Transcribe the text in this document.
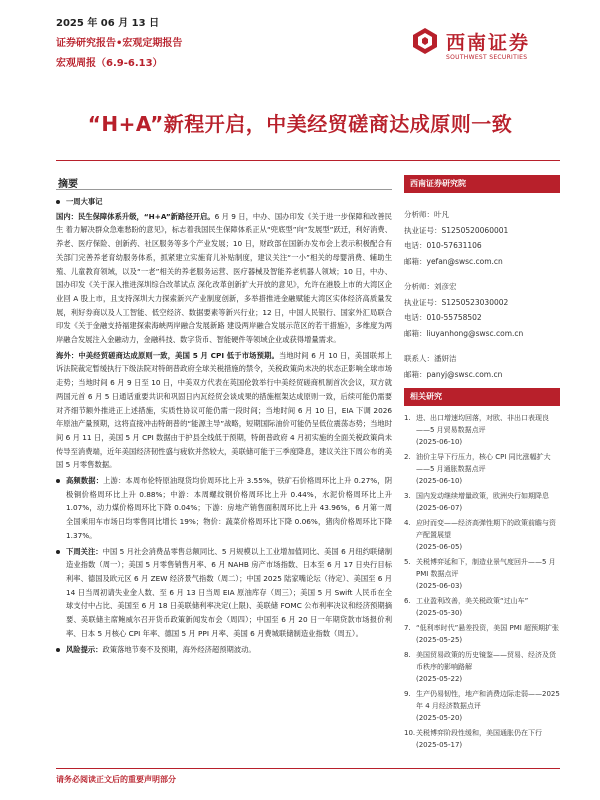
2025 年 06 月 13 日
证券研究报告•宏观定期报告
宏观周报（6.9-6.13）
西南证券
SOUTHWEST SECURITIES
“H+A”新程开启，中美经贸磋商达成原则一致
摘要
一周大事记

国内：民生保障体系升级，“H+A”新路径开启。6 月 9 日，中办、国办印发《关于进一步保障和改善民生 着力解决群众急难愁盼的意见》，标志着我国民生保障体系正从“兜底型”向“发展型”跃迁，利好消费、养老、医疗保险、创新药、社区服务等多个产业发展；10 日，财政部在国新办发布会上表示积极配合有关部门完善养老育幼服务体系，抓紧建立实施育儿补贴制度，建议关注“一小”相关的母婴消费、辅助生殖、儿童教育领域，以及“一老”相关的养老服务运营、医疗器械及智能养老机器人领域；10 日，中办、国办印发《关于深入推进深圳综合改革试点 深化改革创新扩大开放的意见》，允许在港股上市的大湾区企业回 A 股上市，且支持深圳大力探索新兴产业制度创新，多举措推进金融赋能大湾区实体经济高质量发展，利好券商以及人工智能、低空经济、数据要素等新兴行业；12 日，中国人民银行、国家外汇局联合印发《关于金融支持福建探索海峡两岸融合发展新路 建设两岸融合发展示范区的若干措施》，多维度为两岸融合发展注入金融动力，金融科技、数字货币、智能硬件等领域企业或获得增量需求。

海外：中美经贸磋商达成原则一致，美国 5 月 CPI 低于市场预期。当地时间 6 月 10 日，美国联邦上诉法院裁定暂缓执行下级法院对特朗普政府全球关税措施的禁令，关税政策尚未决的状态正影响全球市场走势；当地时间 6 月 9 日至 10 日，中美双方代表在英国伦敦举行中美经贸磋商机制首次会议，双方就两国元首 6 月 5 日通话重要共识和巩固日内瓦经贸会谈成果的措施框架达成原则一致，后续可能仍需要对齐细节额外推进正上述措施，实质性协议可能仍需一段时间；当地时间 6 月 10 日，EIA 下调 2026 年原油产量预期，这将直接冲击特朗普的“能源主导”战略，短期国际油价可能仍呈低位震荡态势；当地时间 6 月 11 日，美国 5 月 CPI 数据由于护县全线低于预期，特朗普政府 4 月初实施的全面关税政策尚未传导至消费端，近年美国经济韧性盛与疲软并然较大，美联储可能于三季度降息，建议关注下周公布的美国 5 月零售数据。

高频数据：上游：本周布伦特原油现货均价周环比上升 3.55%，铁矿石价格周环比上升 0.27%，阴极铜价格周环比上升 0.88%；中游：本周螺纹钢价格周环比上升 0.44%，水泥价格周环比上升 1.07%，动力煤价格周环比下降 0.04%；下游：房地产销售面积周环比上升 43.96%，6 月第一周全国乘用车市场日均零售同比增长 19%；物价：蔬菜价格周环比下降 0.06%，猪肉价格周环比下降 1.37%。

下周关注：中国 5 月社会消费品零售总额同比、5 月规模以上工业增加值同比、美国 6 月纽约联储制造业指数（周一）；美国 5 月零售销售月率、6 月 NAHB 房产市场指数、日本至 6 月 17 日央行目标利率、德国及欧元区 6 月 ZEW 经济景气指数（周二）；中国 2025 陆家嘴论坛（待定）、美国至 6 月 14 日当周初请失业金人数、至 6 月 13 日当周 EIA 原油库存（周三）；美国 5 月 Swift 人民币在全球支付中占比、美国至 6 月 18 日美联储利率决定(上限)、美联储 FOMC 公布利率决议和经济预期摘要、美联储主席鲍威尔召开货币政策新闻发布会（周四）；中国至 6 月 20 日一年期贷款市场报价利率、日本 5 月核心 CPI 年率、德国 5 月 PPI 月率、美国 6 月费城联储制造业指数（周五）。

风险提示：政策落地节奏不及预期，海外经济超预期波动。

西南证券研究院
分析师：叶凡
执业证号：S1250520060001
电话：010-57631106
邮箱：yefan@swsc.com.cn
分析师：刘彦宏
执业证号：S1250523030002
电话：010-55758502
邮箱：liuyanhong@swsc.com.cn
联系人：潘妍洁
邮箱：panyj@swsc.com.cn
相关研究
1. 进、出口增速均回落，对欧、非出口表现良——5 月贸易数据点评
(2025-06-10)
2. 油价主导下行压力，核心 CPI 同比涨幅扩大——5 月通胀数据点评
(2025-06-10)
3. 国内发动继续增量政策，欧洲央行如期降息
(2025-06-07)
4. 应时而变——经济高弹性期下的政策前瞻与资产配置展望
(2025-06-05)
5. 关税博弈延和下，制造业景气度回升——5 月 PMI 数据点评
(2025-06-03)
6. 工业盈利改善，美关税政策“过山车”
(2025-05-30)
7. “低利率时代”悬差投资，美国 PMI 超预期扩张
(2025-05-25)
8. 美国贸易政策的历史镜鉴——贸易、经济及货币秩序的影响路解
(2025-05-22)
9. 生产仍易韧性，地产和消费边际走弱——2025 年 4 月经济数据点评
(2025-05-20)
10. 关税博弈阶段性缓和，美国通胀仍在下行
(2025-05-17)
请务必阅读正文后的重要声明部分
